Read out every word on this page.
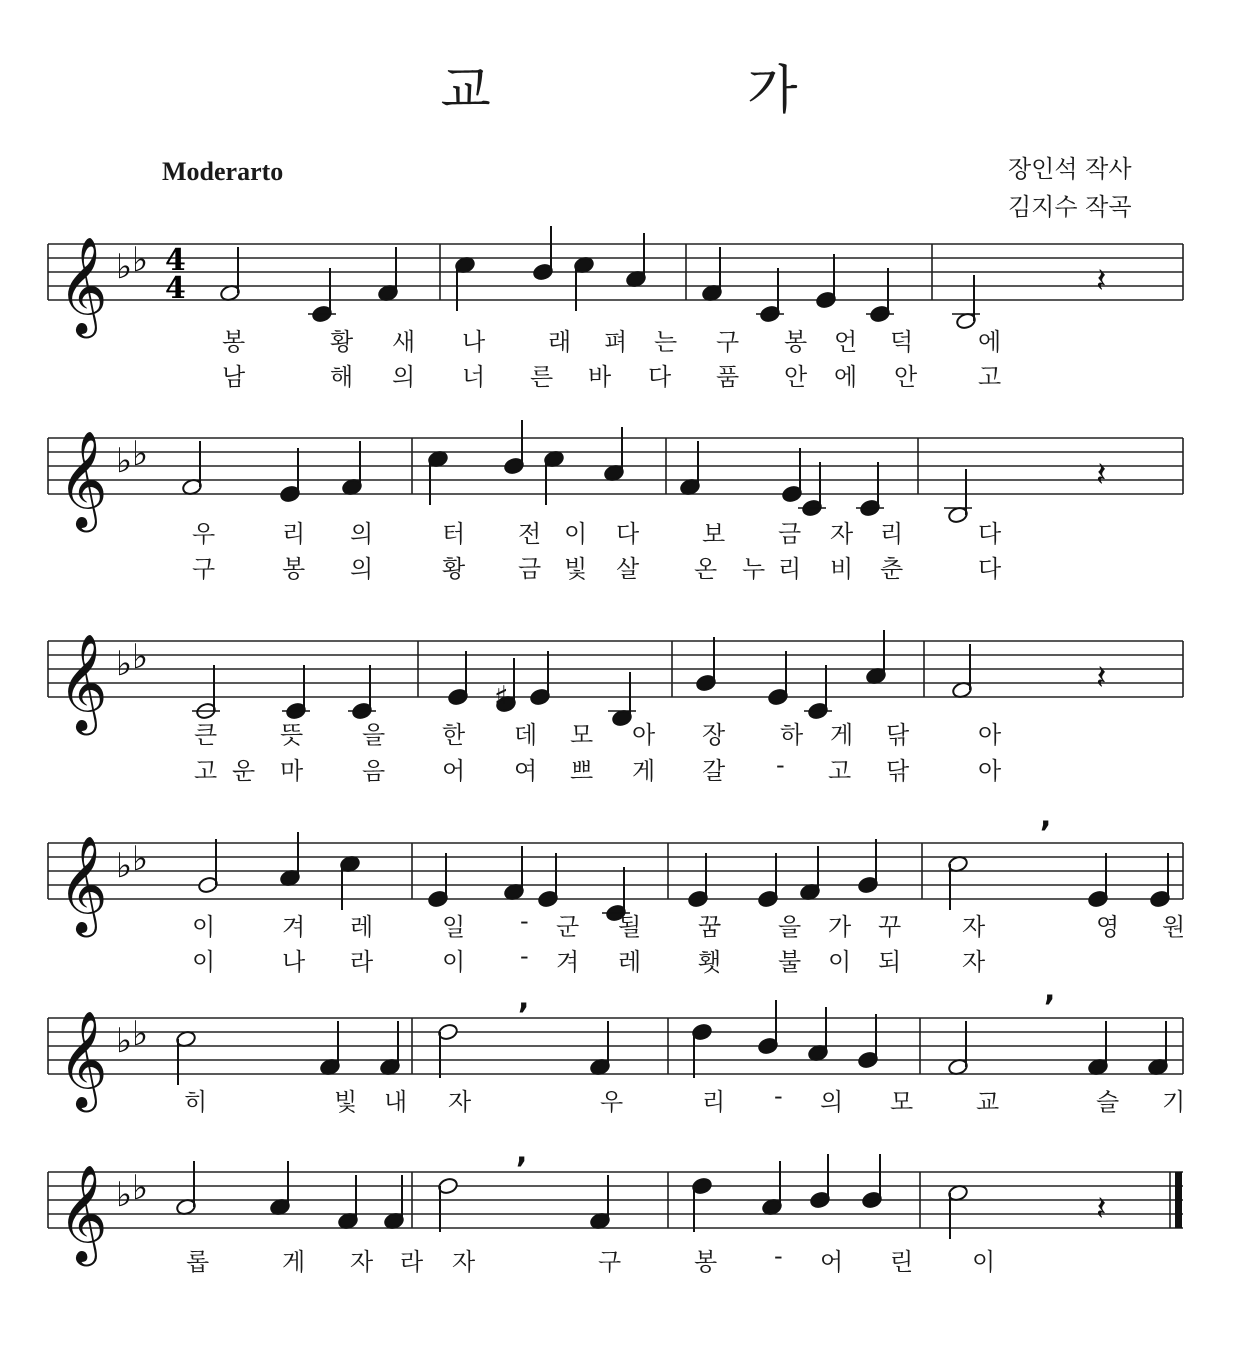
교 가
Moderarto	장인석 작사
김지수 작곡
𝄞 ♭ ♭
𝄞 ♭ ♭
𝄞 ♭ ♭
𝄞 ♭ ♭
𝄞 ♭ ♭
𝄞 ♭ ♭
4
4	𝄽
𝄽
𝄽
𝄽
,
,	,
,
♯
봉	황 새 나	래 펴 는 구 봉 언 덕	에
남	해 의 너 른 바 다 품 안 에 안	고
우	리 의	터 전 이 다	보 금 자 리	다
구	봉 의	황 금 빛 살 온 누 리 비 춘	다
큰	뜻 을 한 데 모 아 장 하 게 닦	아
고 운 마 음 어 여 쁘 게 갈 - 고 닦	아
이	겨 레	일 - 군 될 꿈 을 가 꾸	자	영 원
이	나 라	이 - 겨 레 횃 불 이 되	자
히	빛 내 자	우	리 - 의 모	교	슬 기
롭	게 자 라 자	구	봉 - 어 린 이
